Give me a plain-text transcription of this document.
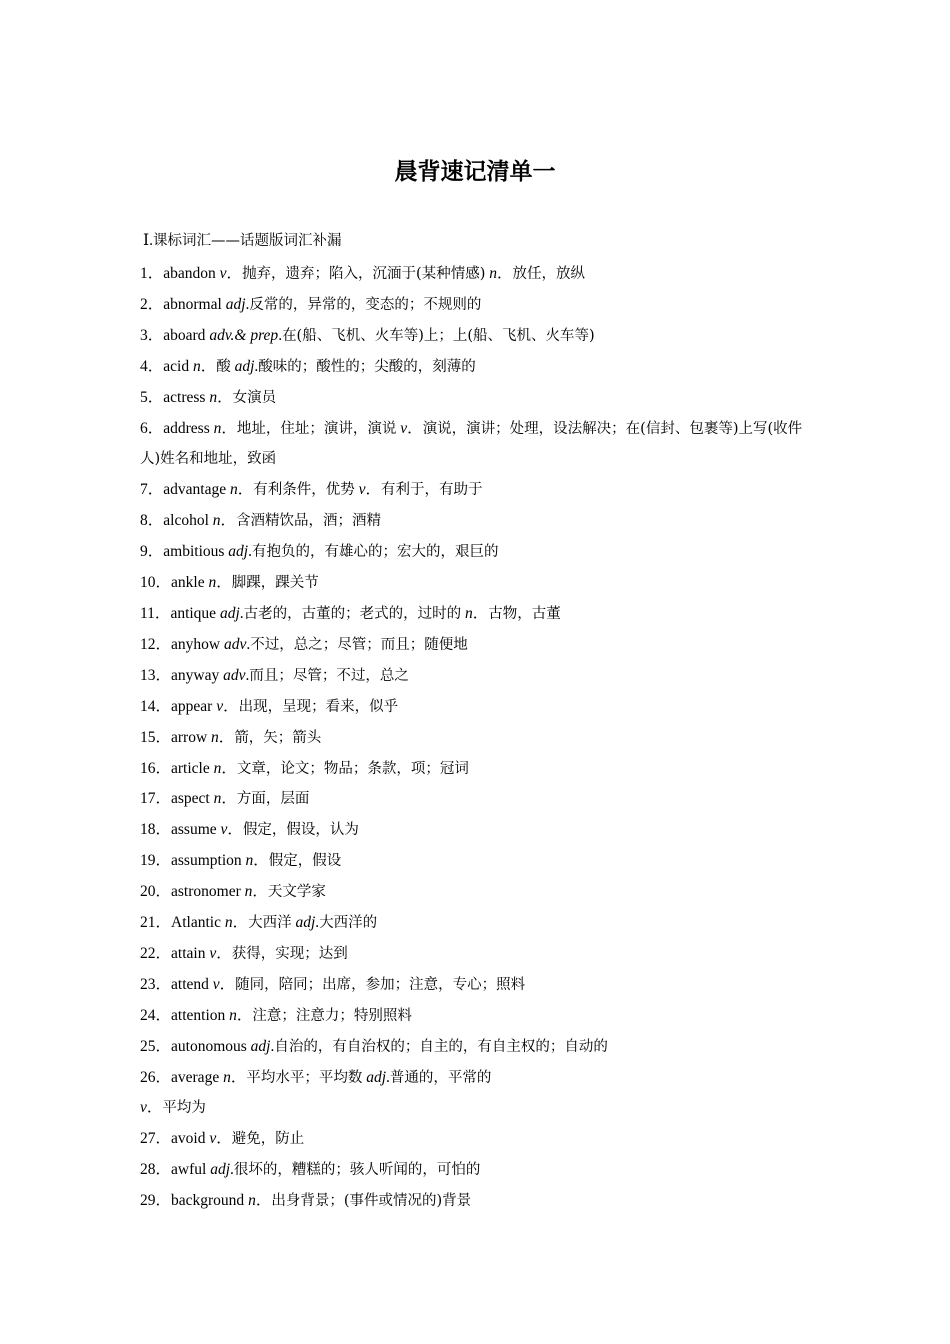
晨背速记清单一
Ⅰ.课标词汇——话题版词汇补漏
1．abandon v．抛弃，遗弃；陷入，沉湎于(某种情感) n．放任，放纵
2．abnormal adj.反常的，异常的，变态的；不规则的
3．aboard adv.& prep.在(船、飞机、火车等)上；上(船、飞机、火车等)
4．acid n．酸 adj.酸味的；酸性的；尖酸的，刻薄的
5．actress n．女演员
6．address n．地址，住址；演讲，演说 v．演说，演讲；处理，设法解决；在(信封、包裹等)上写(收件人)姓名和地址，致函
7．advantage n．有利条件，优势 v．有利于，有助于
8．alcohol n．含酒精饮品，酒；酒精
9．ambitious adj.有抱负的，有雄心的；宏大的，艰巨的
10．ankle n．脚踝，踝关节
11．antique adj.古老的，古董的；老式的，过时的 n．古物，古董
12．anyhow adv.不过，总之；尽管；而且；随便地
13．anyway adv.而且；尽管；不过，总之
14．appear v．出现，呈现；看来，似乎
15．arrow n．箭，矢；箭头
16．article n．文章，论文；物品；条款，项；冠词
17．aspect n．方面，层面
18．assume v．假定，假设，认为
19．assumption n．假定，假设
20．astronomer n．天文学家
21．Atlantic n．大西洋 adj.大西洋的
22．attain v．获得，实现；达到
23．attend v．随同，陪同；出席，参加；注意，专心；照料
24．attention n．注意；注意力；特别照料
25．autonomous adj.自治的，有自治权的；自主的，有自主权的；自动的
26．average n．平均水平；平均数 adj.普通的，平常的
v．平均为
27．avoid v．避免，防止
28．awful adj.很坏的，糟糕的；骇人听闻的，可怕的
29．background n．出身背景；(事件或情况的)背景
